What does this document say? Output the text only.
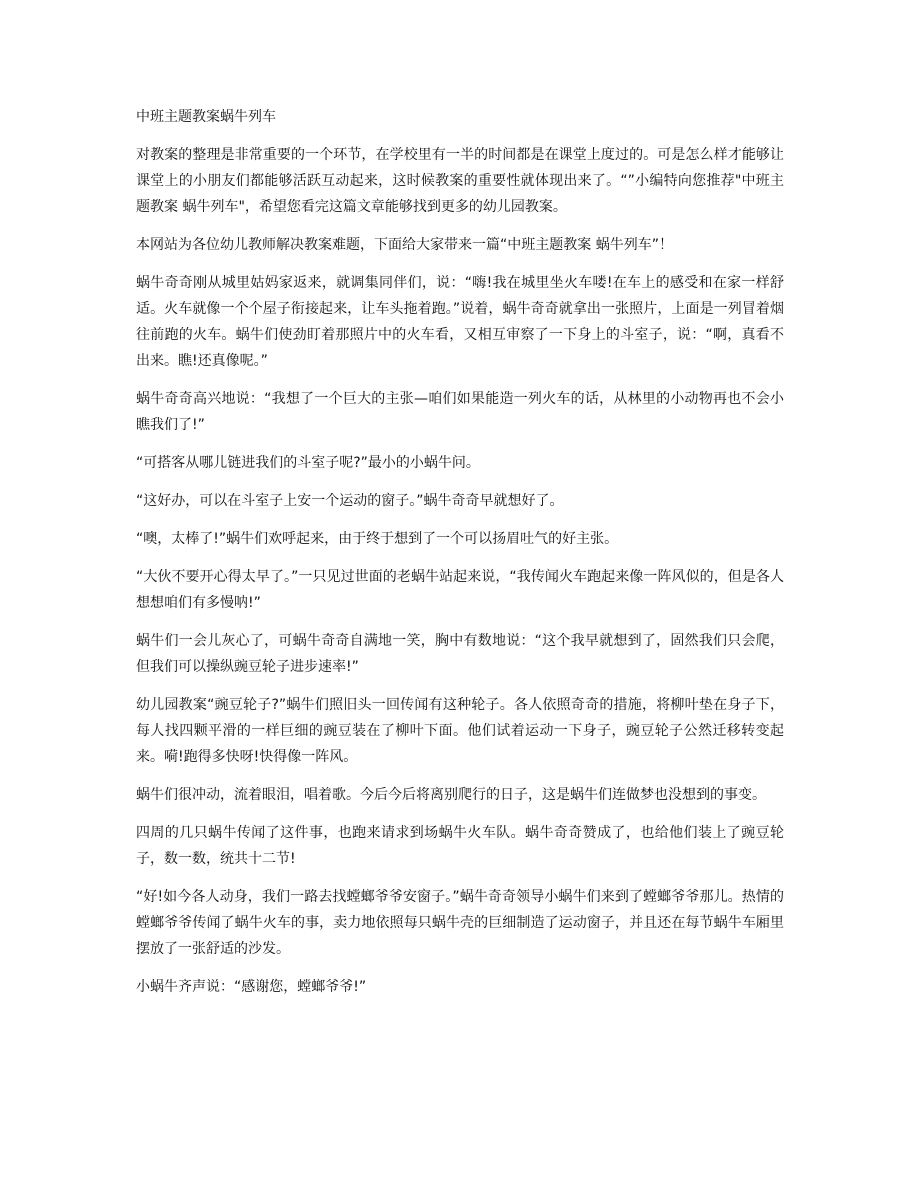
中班主题教案蜗牛列车

对教案的整理是非常重要的一个环节，在学校里有一半的时间都是在课堂上度过的。可是怎么样才能够让课堂上的小朋友们都能够活跃互动起来，这时候教案的重要性就体现出来了。“”小编特向您推荐"中班主题教案 蜗牛列车"，希望您看完这篇文章能够找到更多的幼儿园教案。

本网站为各位幼儿教师解决教案难题，下面给大家带来一篇“中班主题教案 蜗牛列车”！

蜗牛奇奇刚从城里姑妈家返来，就调集同伴们，说：“嗨!我在城里坐火车喽!在车上的感受和在家一样舒适。火车就像一个个屋子衔接起来，让车头拖着跑。”说着，蜗牛奇奇就拿出一张照片，上面是一列冒着烟往前跑的火车。蜗牛们使劲盯着那照片中的火车看，又相互审察了一下身上的斗室子，说：“啊，真看不出来。瞧!还真像呢。”

蜗牛奇奇高兴地说：“我想了一个巨大的主张—咱们如果能造一列火车的话，从林里的小动物再也不会小瞧我们了!”

“可搭客从哪儿链进我们的斗室子呢?”最小的小蜗牛问。

“这好办，可以在斗室子上安一个运动的窗子。”蜗牛奇奇早就想好了。

“噢，太棒了!”蜗牛们欢呼起来，由于终于想到了一个可以扬眉吐气的好主张。

“大伙不要开心得太早了。”一只见过世面的老蜗牛站起来说，“我传闻火车跑起来像一阵风似的，但是各人想想咱们有多慢呐!”

蜗牛们一会儿灰心了，可蜗牛奇奇自满地一笑，胸中有数地说：“这个我早就想到了，固然我们只会爬，但我们可以操纵豌豆轮子进步速率!”

幼儿园教案“豌豆轮子?”蜗牛们照旧头一回传闻有这种轮子。各人依照奇奇的措施，将柳叶垫在身子下，每人找四颗平滑的一样巨细的豌豆装在了柳叶下面。他们试着运动一下身子，豌豆轮子公然迁移转变起来。嗬!跑得多快呀!快得像一阵风。

蜗牛们很冲动，流着眼泪，唱着歌。今后今后将离别爬行的日子，这是蜗牛们连做梦也没想到的事变。

四周的几只蜗牛传闻了这件事，也跑来请求到场蜗牛火车队。蜗牛奇奇赞成了，也给他们装上了豌豆轮子，数一数，统共十二节!

“好!如今各人动身，我们一路去找螳螂爷爷安窗子。”蜗牛奇奇领导小蜗牛们来到了螳螂爷爷那儿。热情的螳螂爷爷传闻了蜗牛火车的事，卖力地依照每只蜗牛壳的巨细制造了运动窗子，并且还在每节蜗牛车厢里摆放了一张舒适的沙发。

小蜗牛齐声说：“感谢您，螳螂爷爷!”
